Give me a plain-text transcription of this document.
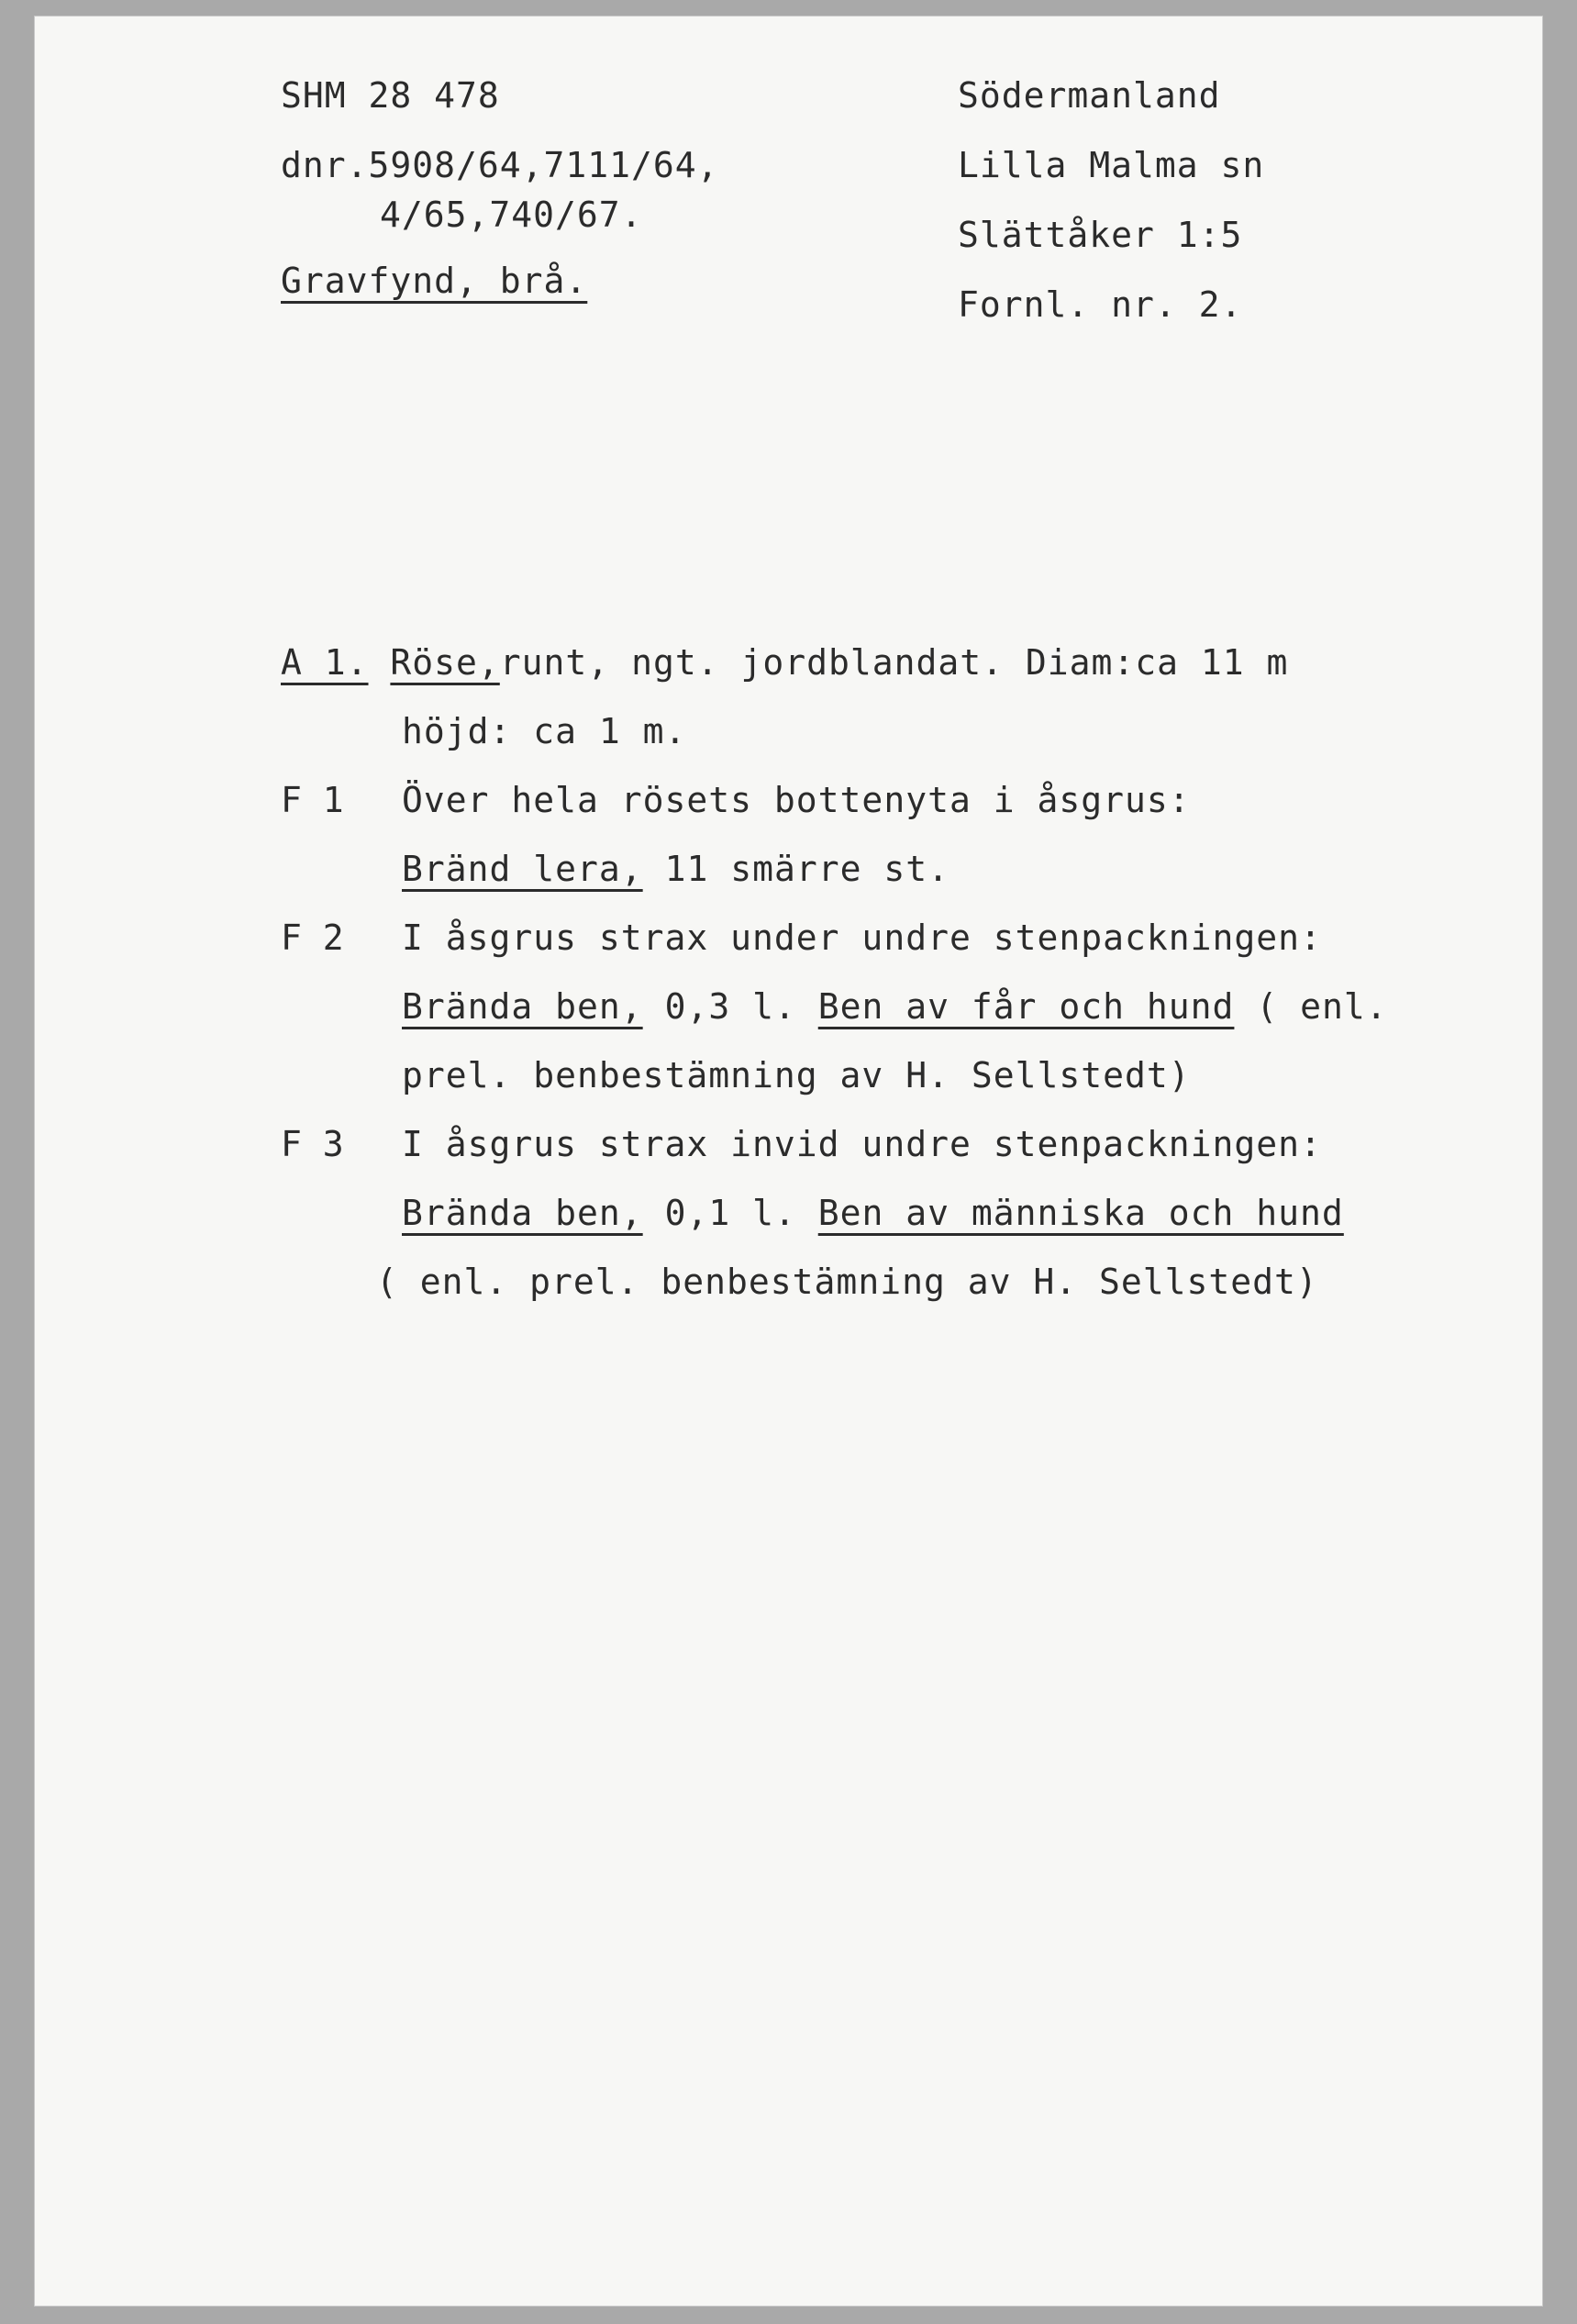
SHM 28 478
dnr.5908/64,7111/64,
4/65,740/67.
Gravfynd, brå.
Södermanland
Lilla Malma sn
Slättåker 1:5
Fornl. nr. 2.
A 1. Röse,runt, ngt. jordblandat. Diam:ca 11 m
höjd: ca 1 m.
F 1 Över hela rösets bottenyta i åsgrus:
Bränd lera, 11 smärre st.
F 2 I åsgrus strax under undre stenpackningen:
Brända ben, 0,3 l. Ben av får och hund ( enl.
prel. benbestämning av H. Sellstedt)
F 3 I åsgrus strax invid undre stenpackningen:
Brända ben, 0,1 l. Ben av människa och hund
( enl. prel. benbestämning av H. Sellstedt)
